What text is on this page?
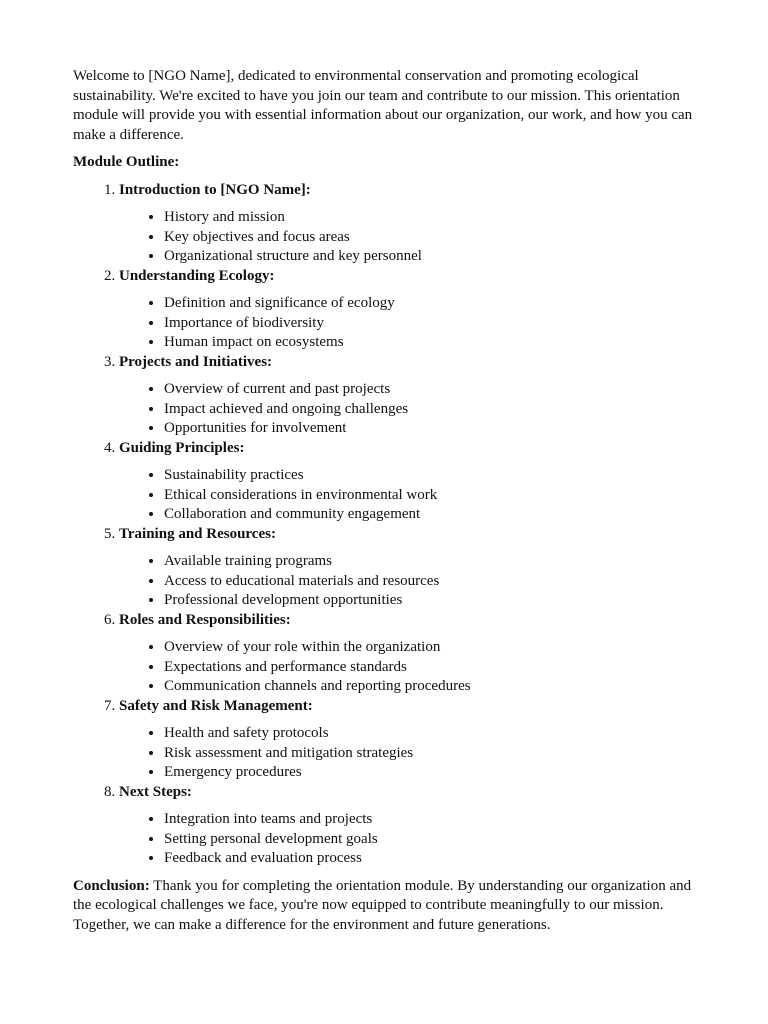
Welcome to [NGO Name], dedicated to environmental conservation and promoting ecological sustainability. We're excited to have you join our team and contribute to our mission. This orientation module will provide you with essential information about our organization, our work, and how you can make a difference.

Module Outline:

1. Introduction to [NGO Name]:
• History and mission
• Key objectives and focus areas
• Organizational structure and key personnel
2. Understanding Ecology:
• Definition and significance of ecology
• Importance of biodiversity
• Human impact on ecosystems
3. Projects and Initiatives:
• Overview of current and past projects
• Impact achieved and ongoing challenges
• Opportunities for involvement
4. Guiding Principles:
• Sustainability practices
• Ethical considerations in environmental work
• Collaboration and community engagement
5. Training and Resources:
• Available training programs
• Access to educational materials and resources
• Professional development opportunities
6. Roles and Responsibilities:
• Overview of your role within the organization
• Expectations and performance standards
• Communication channels and reporting procedures
7. Safety and Risk Management:
• Health and safety protocols
• Risk assessment and mitigation strategies
• Emergency procedures
8. Next Steps:
• Integration into teams and projects
• Setting personal development goals
• Feedback and evaluation process

Conclusion: Thank you for completing the orientation module. By understanding our organization and the ecological challenges we face, you're now equipped to contribute meaningfully to our mission. Together, we can make a difference for the environment and future generations.
